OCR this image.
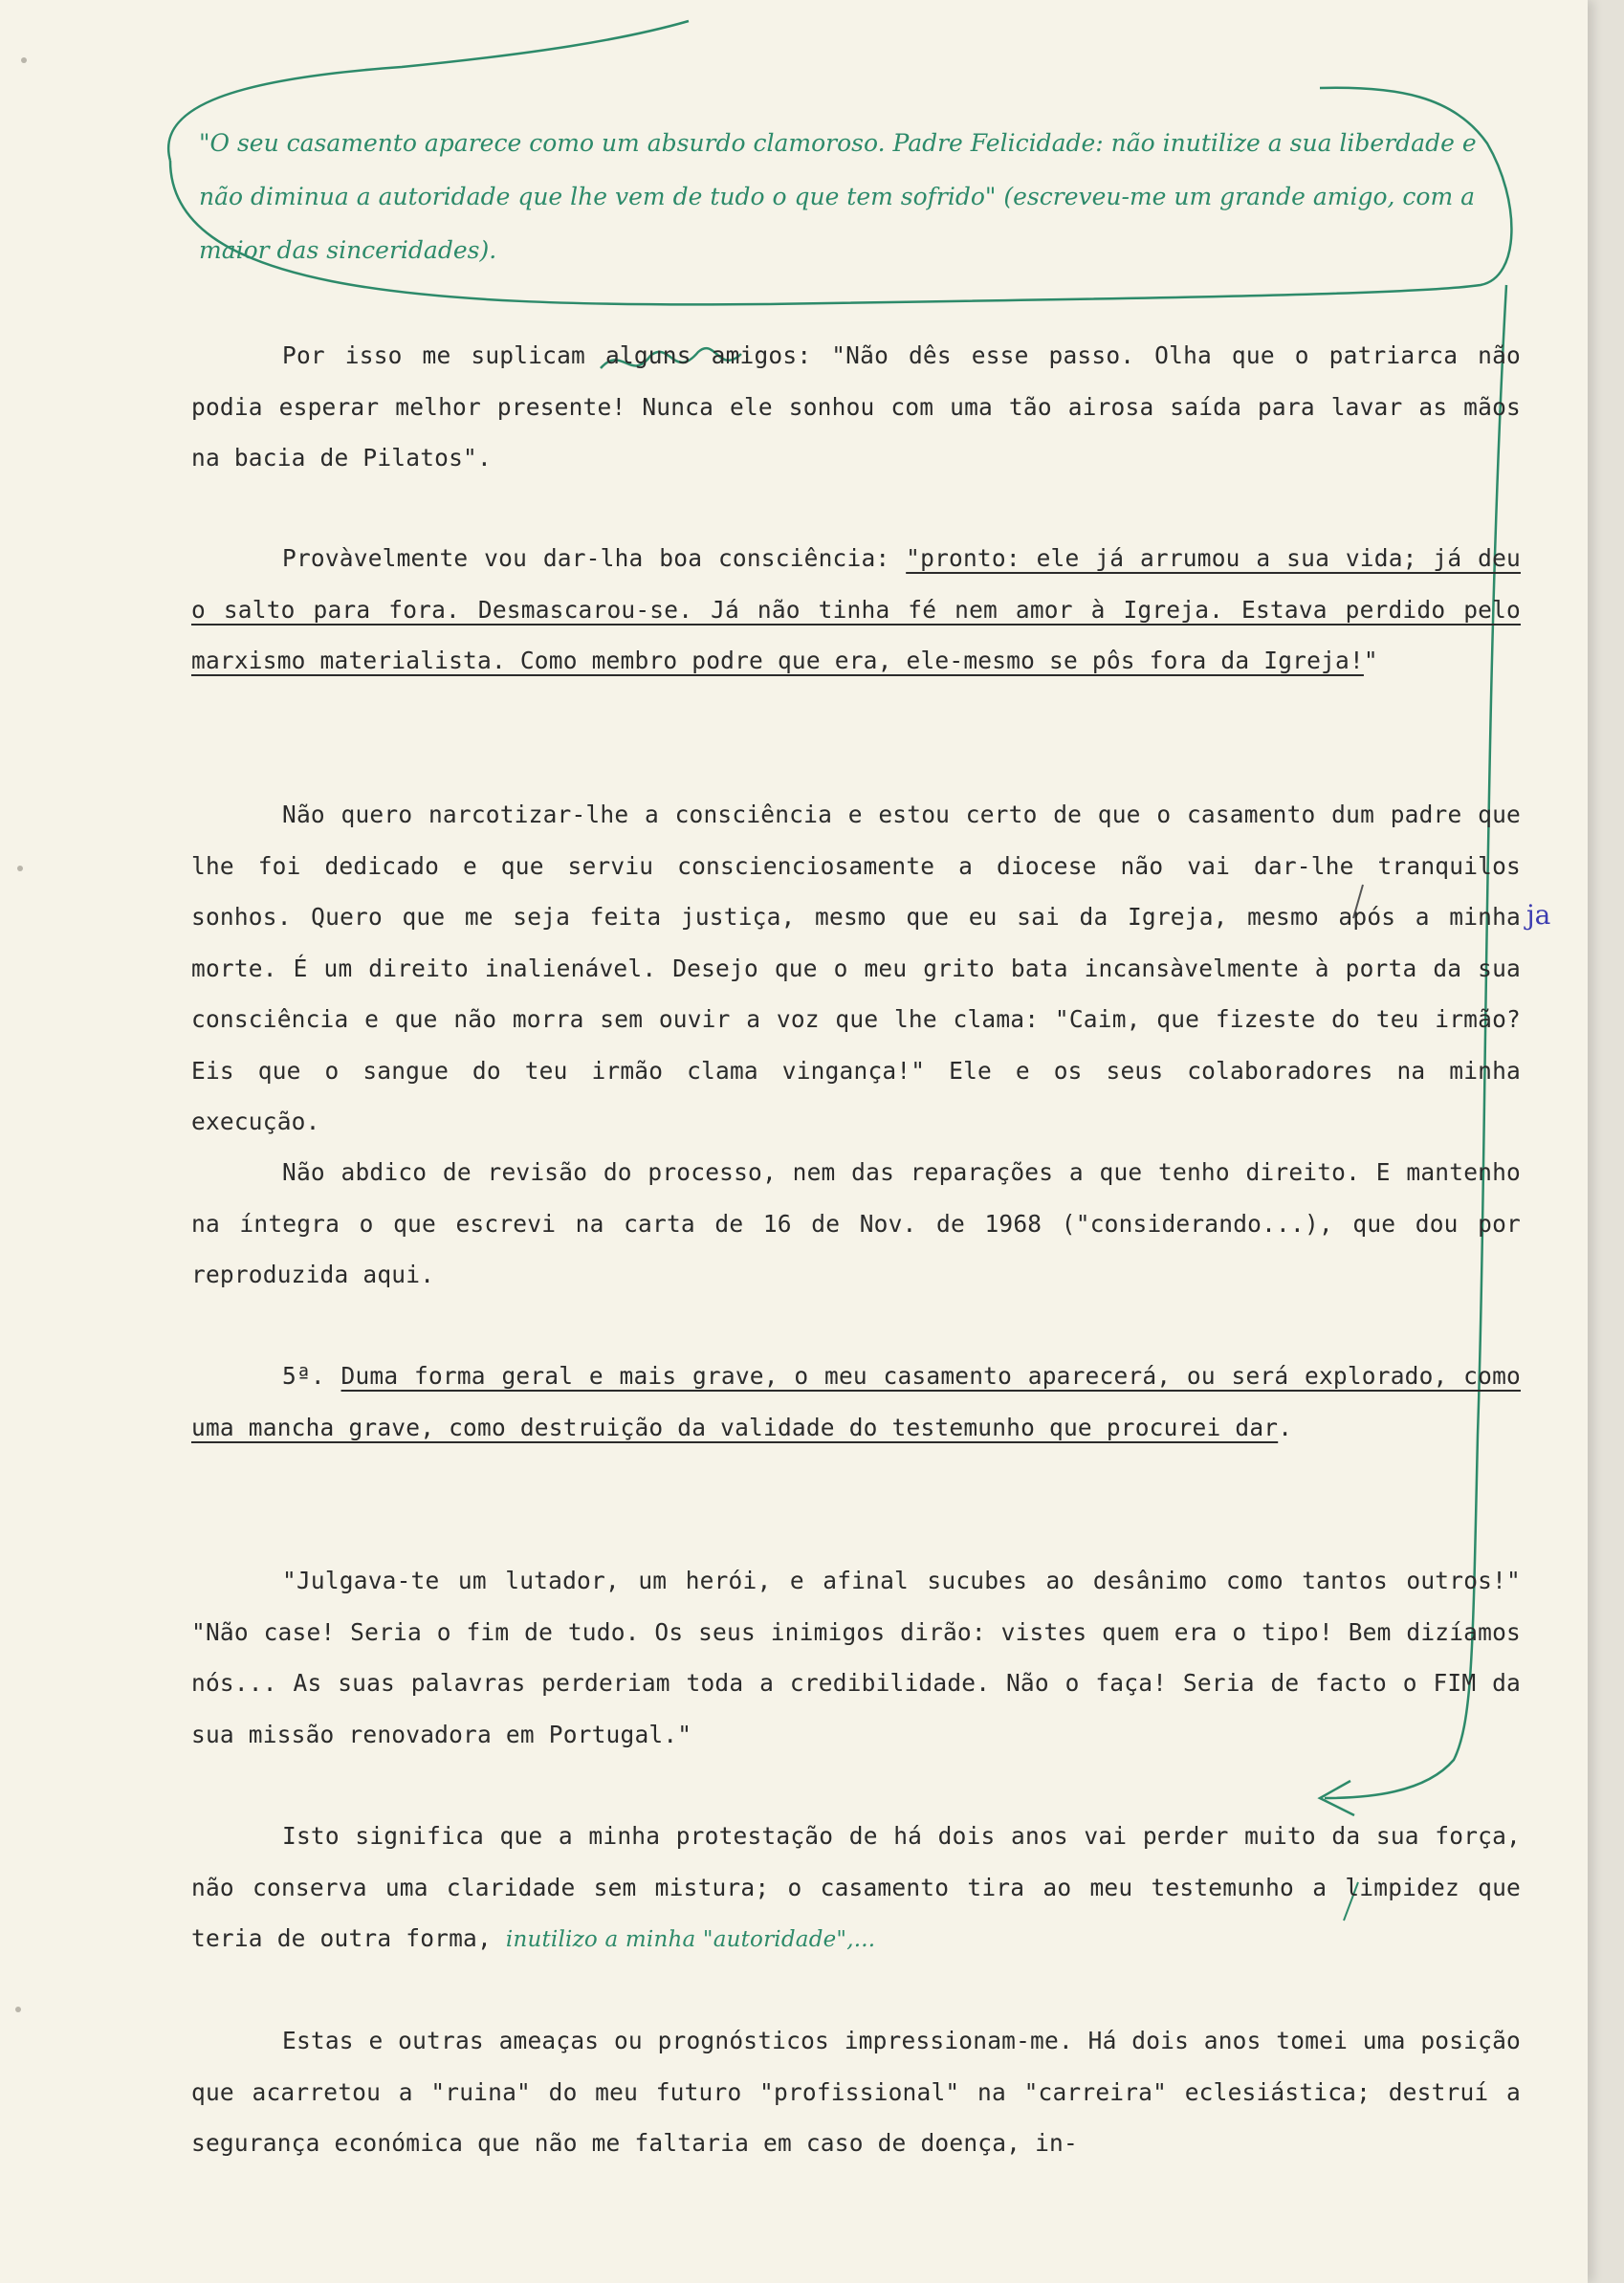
"O seu casamento aparece como um absurdo clamoroso. Padre Felicidade: não inutilize a sua liberdade e não diminua a autoridade que lhe vem de tudo o que tem sofrido" (escreveu-me um grande amigo, com a maior das sinceridades).
ja

Por isso me suplicam alguns amigos: "Não dês esse passo. Olha que o patriarca não podia esperar melhor presente! Nunca ele sonhou com uma tão airosa saída para lavar as mãos na bacia de Pilatos".

Provàvelmente vou dar-lha boa consciência: "pronto: ele já arrumou a sua vida; já deu o salto para fora. Desmascarou-se. Já não tinha fé nem amor à Igreja. Estava perdido pelo marxismo materialista. Como membro podre que era, ele-mesmo se pôs fora da Igreja!"

Não quero narcotizar-lhe a consciência e estou certo de que o casamento dum padre que lhe foi dedicado e que serviu conscienciosamente a diocese não vai dar-lhe tranquilos sonhos. Quero que me seja feita justiça, mesmo que eu sai da Igreja, mesmo após a minha morte. É um direito inalienável. Desejo que o meu grito bata incansàvelmente à porta da sua consciência e que não morra sem ouvir a voz que lhe clama: "Caim, que fizeste do teu irmão? Eis que o sangue do teu irmão clama vingança!" Ele e os seus colaboradores na minha execução.

Não abdico de revisão do processo, nem das reparações a que tenho direito. E mantenho na íntegra o que escrevi na carta de 16 de Nov. de 1968 ("considerando...), que dou por reproduzida aqui.

5ª. Duma forma geral e mais grave, o meu casamento aparecerá, ou será explorado, como uma mancha grave, como destruição da validade do testemunho que procurei dar.

"Julgava-te um lutador, um herói, e afinal sucubes ao desânimo como tantos outros!" "Não case! Seria o fim de tudo. Os seus inimigos dirão: vistes quem era o tipo! Bem dizíamos nós... As suas palavras perderiam toda a credibilidade. Não o faça! Seria de facto o FIM da sua missão renovadora em Portugal."

Isto significa que a minha protestação de há dois anos vai perder muito da sua força, não conserva uma claridade sem mistura; o casamento tira ao meu testemunho a limpidez que teria de outra forma, inutilizo a minha "autoridade",...

Estas e outras ameaças ou prognósticos impressionam-me. Há dois anos tomei uma posição que acarretou a "ruina" do meu futuro "profissional" na "carreira" eclesiástica; destruí a segurança económica que não me faltaria em caso de doença, in-
